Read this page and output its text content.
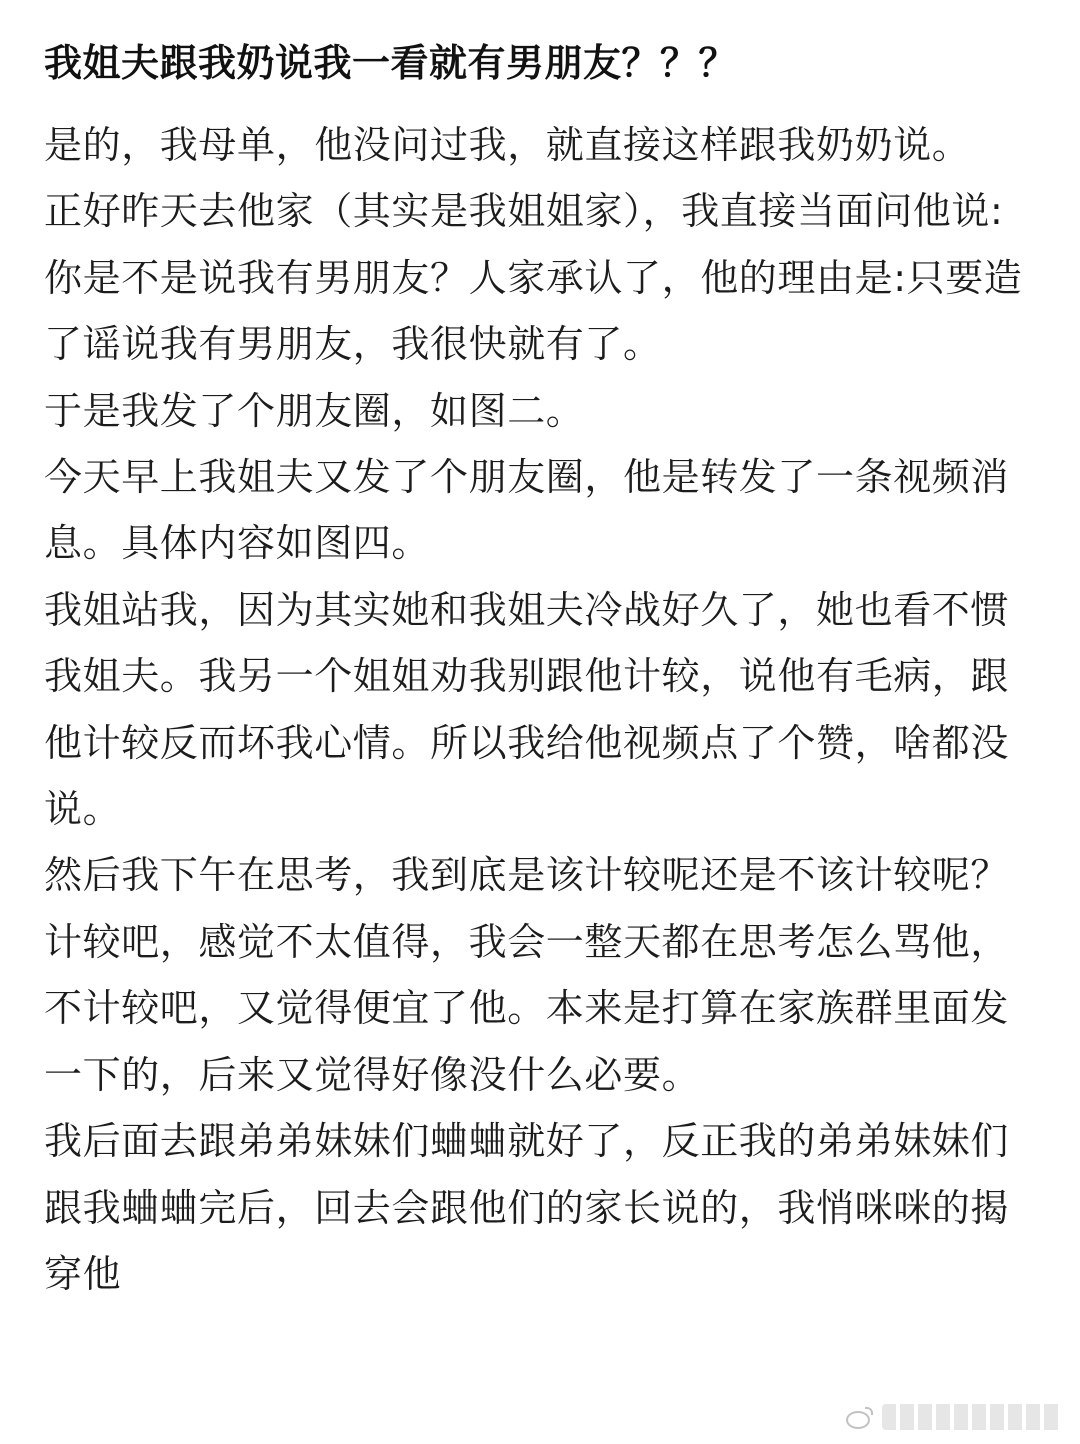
我姐夫跟我奶说我一看就有男朋友？？？

是的，我母单，他没问过我，就直接这样跟我奶奶说。

正好昨天去他家（其实是我姐姐家），我直接当面问他说:你是不是说我有男朋友？人家承认了，他的理由是:只要造了谣说我有男朋友，我很快就有了。

于是我发了个朋友圈，如图二。

今天早上我姐夫又发了个朋友圈，他是转发了一条视频消息。具体内容如图四。

我姐站我，因为其实她和我姐夫冷战好久了，她也看不惯我姐夫。我另一个姐姐劝我别跟他计较，说他有毛病，跟他计较反而坏我心情。所以我给他视频点了个赞，啥都没说。

然后我下午在思考，我到底是该计较呢还是不该计较呢？计较吧，感觉不太值得，我会一整天都在思考怎么骂他，不计较吧，又觉得便宜了他。本来是打算在家族群里面发一下的，后来又觉得好像没什么必要。

我后面去跟弟弟妹妹们蛐蛐就好了，反正我的弟弟妹妹们跟我蛐蛐完后，回去会跟他们的家长说的，我悄咪咪的揭穿他
